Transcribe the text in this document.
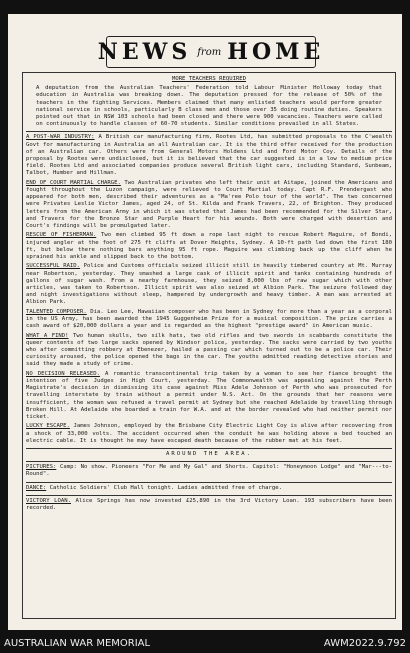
NEWS from HOME
MORE TEACHERS REQUIRED

A deputation from the Australian Teachers' Federation told Labour Minister Holloway today that education in Australia was breaking down. The deputation pressed for the release of 50% of the teachers in the fighting Services. Members claimed that many enlisted teachers would perform greater national service in schools, particularly B class men and those over 35 doing routine duties. Speakers pointed out that in NSW 103 schools had been closed and there were 900 vacancies. Teachers were called on continuously to handle classes of 60-70 students. Similar conditions prevailed in all States.

A POST-WAR INDUSTRY: A British car manufacturing firm, Rootes Ltd, has submitted proposals to the C'wealth Govt for manufacturing in Australia an all Australian car. It is the third offer received for the production of an Australian car. Others were from General Motors Holdens Ltd and Ford Motor Coy. Details of the proposal by Rootes were undisclosed, but it is believed that the car suggested is in a low to medium price field. Rootes Ltd and associated companies produce several British light cars, including Standard, Sunbeam, Talbot, Humber and Hillman.

END OF COURT MARTIAL CHARGE. Two Australian privates who left their unit at Aitape, joined the Americans and fought throughout the Luzon campaign, were relieved to Court Martial today. Capt R.F. Prendergast who appeared for both men, described their adventures as a "Ma'ree Polo tour of the world". The two concerned were Privates Leslie Victor James, aged 24, of St. Kilda and Frank Travers, 22, of Brighton. They produced letters from the American Army in which it was stated that James had been recommended for the Silver Star, and Travers for the Bronze Star and Purple Heart for his wounds. Both were charged with desertion and Court's findings will be promulgated later.

RESCUE OF FISHERMAN. Two men climbed 95 ft down a rope last night to rescue Robert Maguire, of Bondi, injured angler at the foot of 275 ft cliffs at Dover Heights, Sydney. A 10-ft path led down the first 180 ft, but below there nothing bars anything 95 ft rope. Maguire was climbing back up the cliff when he sprained his ankle and slipped back to the bottom.

SUCCESSFUL RAID. Police and Customs officials seized illicit still in heavily timbered country at Mt. Murray near Robertson, yesterday. They smashed a large cask of illicit spirit and tanks containing hundreds of gallons of sugar wash. From a nearby farmhouse, they seized 8,000 lbs of raw sugar which with other articles, was taken to Robertson. Illicit spirit was also seized at Albion Park. The seizure followed day and night investigations without sleep, hampered by undergrowth and heavy timber. A man was arrested at Albion Park.

TALENTED COMPOSER. Dia. Leo Lee, Hawaiian composer who has been in Sydney for more than a year as a corporal in the US Army, has been awarded the 1945 Guggenheim Prize for a musical composition. The prize carries a cash award of $20,000 dollars a year and is regarded as the highest "prestige award" in American music.

WHAT A FIND! Two human skulls, two silk hats, two old rifles and two swords in scabbards constitute the queer contents of two large sacks opened by Windsor police, yesterday. The sacks were carried by two youths who after committing robbery at Ebenezer, hailed a passing car which turned out to be a police car. Their curiosity aroused, the police opened the bags in the car. The youths admitted reading detective stories and said they made a study of crime.

NO DECISION RELEASED. A romantic transcontinental trip taken by a woman to see her fiance brought the intention of five Judges in High Court, yesterday. The Commonwealth was appealing against the Perth Magistrate's decision in dismissing its case against Miss Adele Johnson of Perth who was prosecuted for travelling interstate by train without a permit under N.S. Act. On the grounds that her reasons were insufficient, the woman was refused a travel permit at Sydney but she reached Adelaide by travelling through Broken Hill. At Adelaide she boarded a train for W.A. and at the border revealed who had neither permit nor ticket.

LUCKY ESCAPE. James Johnson, employed by the Brisbane City Electric Light Coy is alive after recovering from a shock of 33,000 volts. The accident occurred when the conduit he was holding above a bed touched an electric cable. It is thought he may have escaped death because of the rubber mat at his feet.

AROUND THE AREA.

PICTURES: Camp: No show. Pioneers "For Me and My Gal" and Shorts. Capitol: "Honeymoon Lodge" and "Mar---to-Round".

DANCE: Catholic Soldiers' Club Hall tonight. Ladies admitted free of charge.

VICTORY LOAN. Alice Springs has now invested £25,890 in the 3rd Victory Loan. 193 subscribers have been recorded.

AUSTRALIAN WAR MEMORIAL	AWM2022.9.792
